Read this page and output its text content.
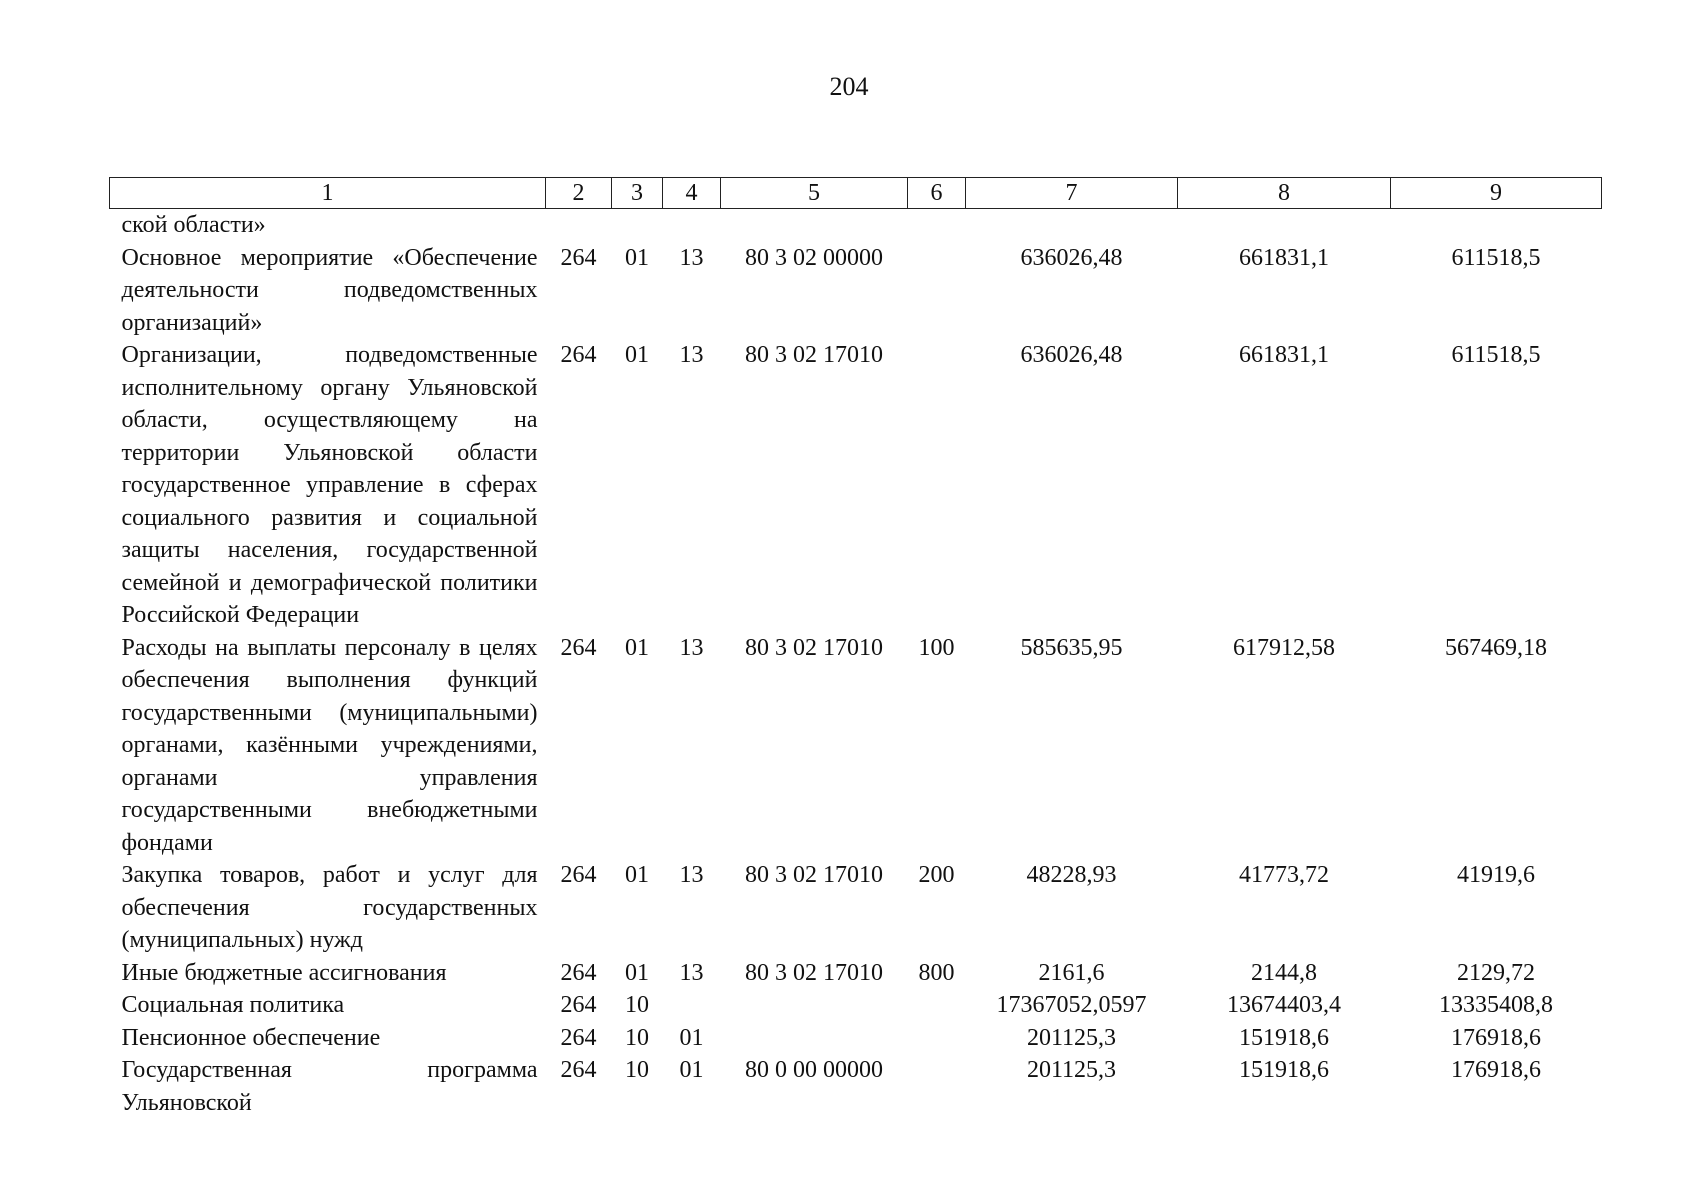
204
1	2	3	4	5	6	7	8	9
ской области»								
Основное мероприятие «Обеспечение деятельности подведомственных организаций»	264	01	13	80 3 02 00000		636026,48	661831,1	611518,5
Организации, подведомственные исполнительному органу Ульяновской области, осуществляющему на территории Ульяновской области государственное управление в сферах социального развития и социальной защиты населения, государственной семейной и демографической политики Российской Федерации	264	01	13	80 3 02 17010		636026,48	661831,1	611518,5
Расходы на выплаты персоналу в целях обеспечения выполнения функций государственными (муниципальными) органами, казёнными учреждениями, органами управления государственными внебюджетными фондами	264	01	13	80 3 02 17010	100	585635,95	617912,58	567469,18
Закупка товаров, работ и услуг для обеспечения государственных (муниципальных) нужд	264	01	13	80 3 02 17010	200	48228,93	41773,72	41919,6
Иные бюджетные ассигнования	264	01	13	80 3 02 17010	800	2161,6	2144,8	2129,72
Социальная политика	264	10				17367052,0597	13674403,4	13335408,8
Пенсионное обеспечение	264	10	01			201125,3	151918,6	176918,6
Государственная программа Ульяновской	264	10	01	80 0 00 00000		201125,3	151918,6	176918,6
